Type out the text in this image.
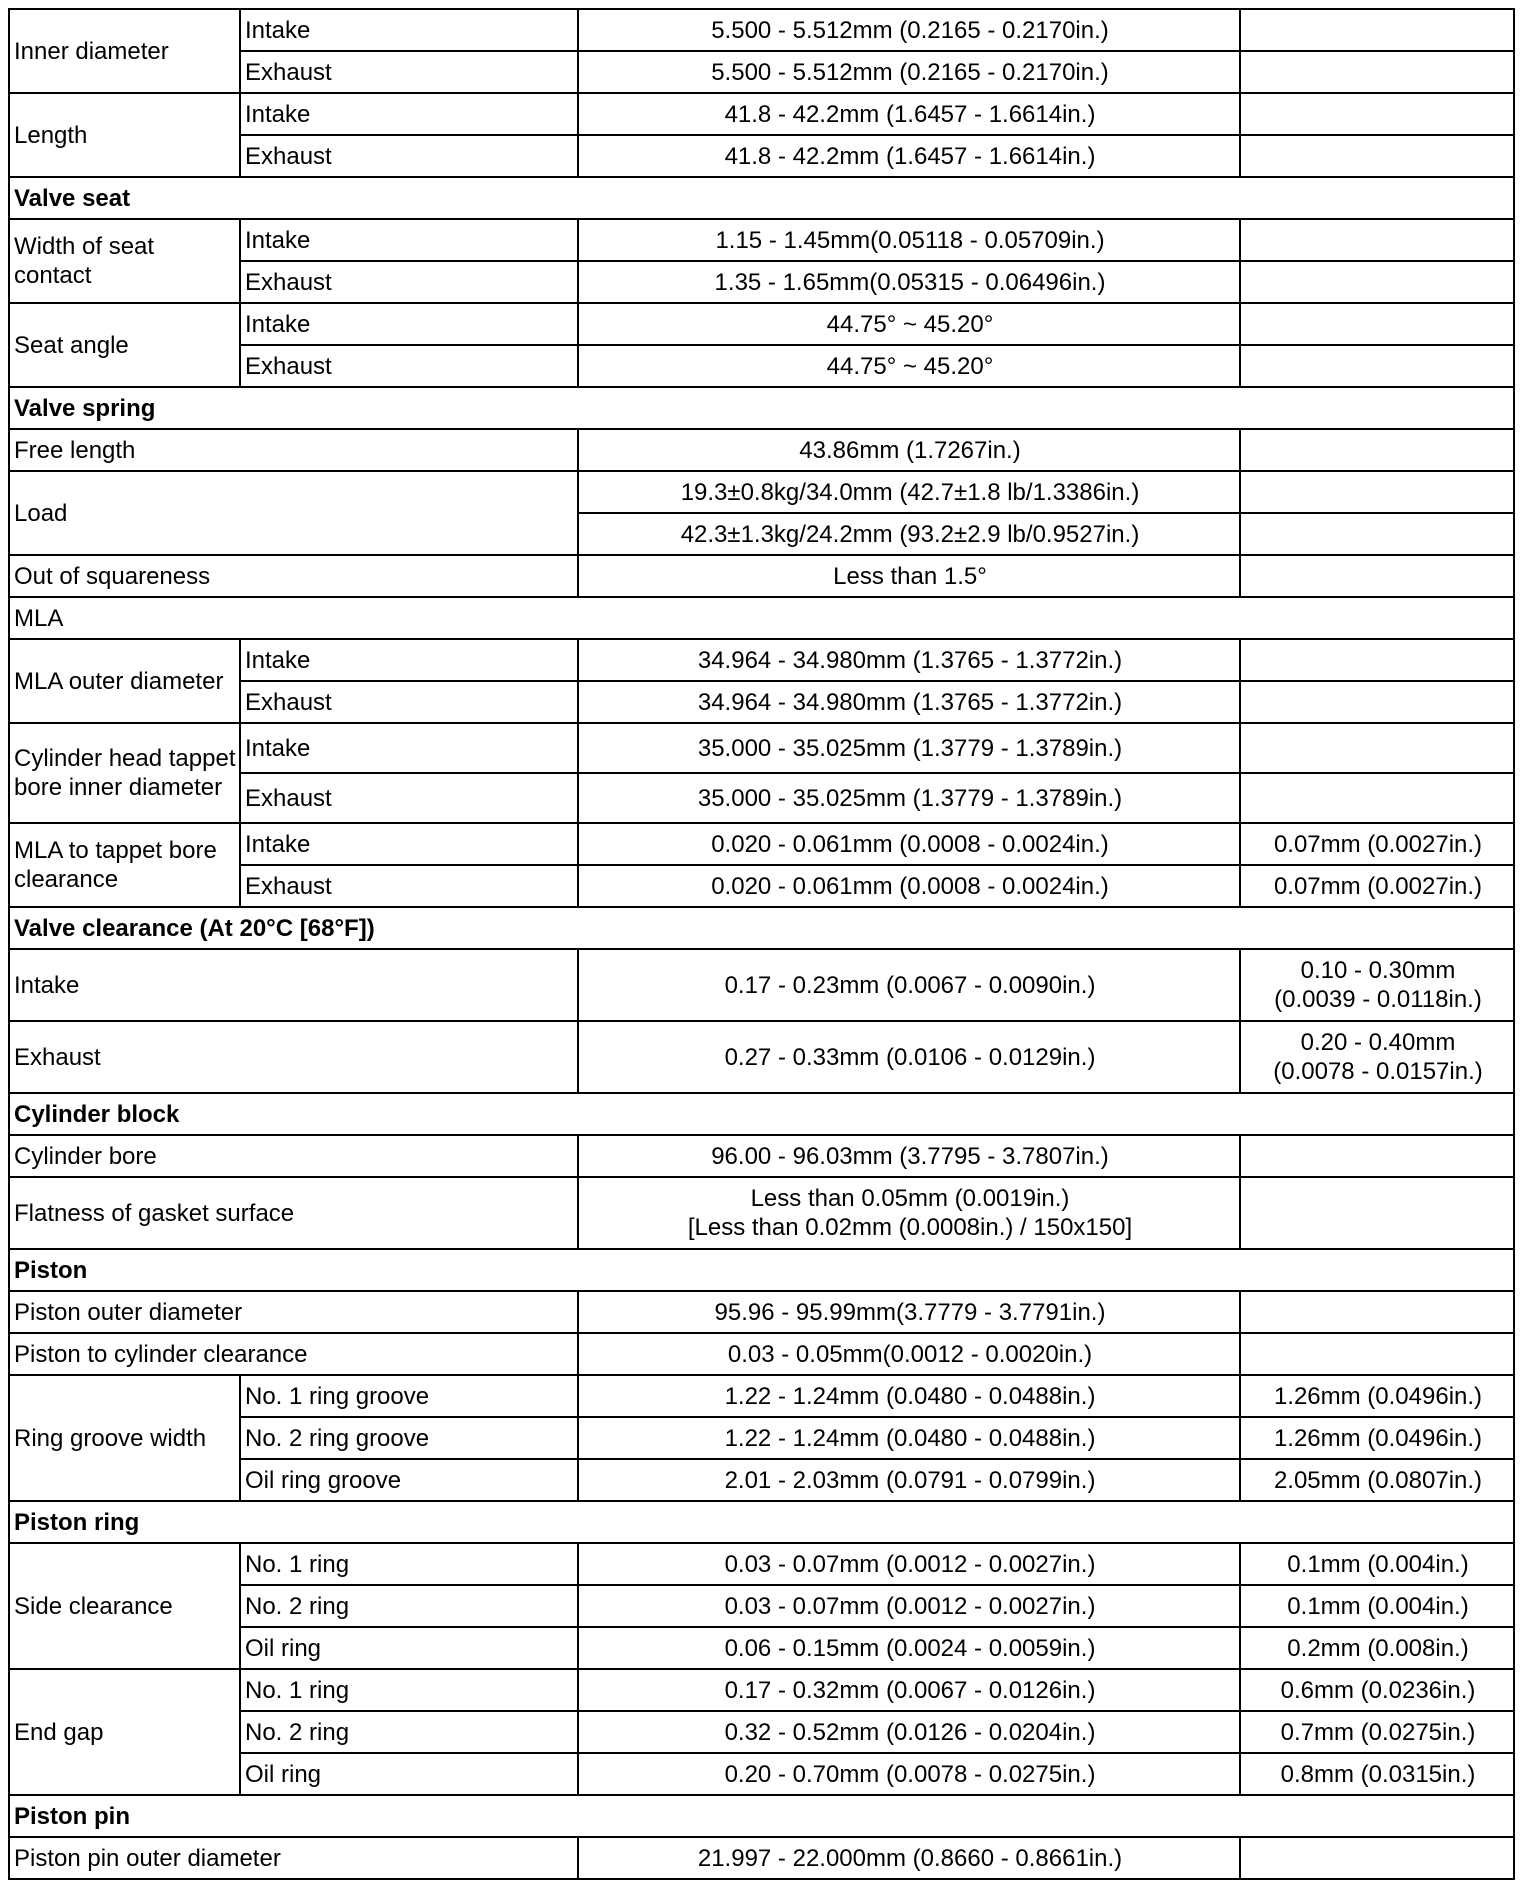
Inner diameter	Intake	5.500 - 5.512mm (0.2165 - 0.2170in.)	
	Exhaust	5.500 - 5.512mm (0.2165 - 0.2170in.)	
Length	Intake	41.8 - 42.2mm (1.6457 - 1.6614in.)	
	Exhaust	41.8 - 42.2mm (1.6457 - 1.6614in.)	
Valve seat			
Width of seat contact	Intake	1.15 - 1.45mm(0.05118 - 0.05709in.)	
	Exhaust	1.35 - 1.65mm(0.05315 - 0.06496in.)	
Seat angle	Intake	44.75° ~ 45.20°	
	Exhaust	44.75° ~ 45.20°	
Valve spring			
Free length		43.86mm (1.7267in.)	
Load		19.3±0.8kg/34.0mm (42.7±1.8 lb/1.3386in.)	
		42.3±1.3kg/24.2mm (93.2±2.9 lb/0.9527in.)	
Out of squareness		Less than 1.5°	
MLA			
MLA outer diameter	Intake	34.964 - 34.980mm (1.3765 - 1.3772in.)	
	Exhaust	34.964 - 34.980mm (1.3765 - 1.3772in.)	
Cylinder head tappet bore inner diameter	Intake	35.000 - 35.025mm (1.3779 - 1.3789in.)	
	Exhaust	35.000 - 35.025mm (1.3779 - 1.3789in.)	
MLA to tappet bore clearance	Intake	0.020 - 0.061mm (0.0008 - 0.0024in.)	0.07mm (0.0027in.)
	Exhaust	0.020 - 0.061mm (0.0008 - 0.0024in.)	0.07mm (0.0027in.)
Valve clearance (At 20°C [68°F])			
Intake		0.17 - 0.23mm (0.0067 - 0.0090in.)	0.10 - 0.30mm
(0.0039 - 0.0118in.)

Exhaust		0.27 - 0.33mm (0.0106 - 0.0129in.)	0.20 - 0.40mm
(0.0078 - 0.0157in.)

Cylinder block			
Cylinder bore		96.00 - 96.03mm (3.7795 - 3.7807in.)	
Flatness of gasket surface		Less than 0.05mm (0.0019in.)
[Less than 0.02mm (0.0008in.) / 150x150]	

Piston			
Piston outer diameter		95.96 - 95.99mm(3.7779 - 3.7791in.)	
Piston to cylinder clearance		0.03 - 0.05mm(0.0012 - 0.0020in.)	
Ring groove width	No. 1 ring groove	1.22 - 1.24mm (0.0480 - 0.0488in.)	1.26mm (0.0496in.)
	No. 2 ring groove	1.22 - 1.24mm (0.0480 - 0.0488in.)	1.26mm (0.0496in.)
	Oil ring groove	2.01 - 2.03mm (0.0791 - 0.0799in.)	2.05mm (0.0807in.)
Piston ring			
Side clearance	No. 1 ring	0.03 - 0.07mm (0.0012 - 0.0027in.)	0.1mm (0.004in.)
	No. 2 ring	0.03 - 0.07mm (0.0012 - 0.0027in.)	0.1mm (0.004in.)
	Oil ring	0.06 - 0.15mm (0.0024 - 0.0059in.)	0.2mm (0.008in.)
End gap	No. 1 ring	0.17 - 0.32mm (0.0067 - 0.0126in.)	0.6mm (0.0236in.)
	No. 2 ring	0.32 - 0.52mm (0.0126 - 0.0204in.)	0.7mm (0.0275in.)
	Oil ring	0.20 - 0.70mm (0.0078 - 0.0275in.)	0.8mm (0.0315in.)
Piston pin			
Piston pin outer diameter		21.997 - 22.000mm (0.8660 - 0.8661in.)	
